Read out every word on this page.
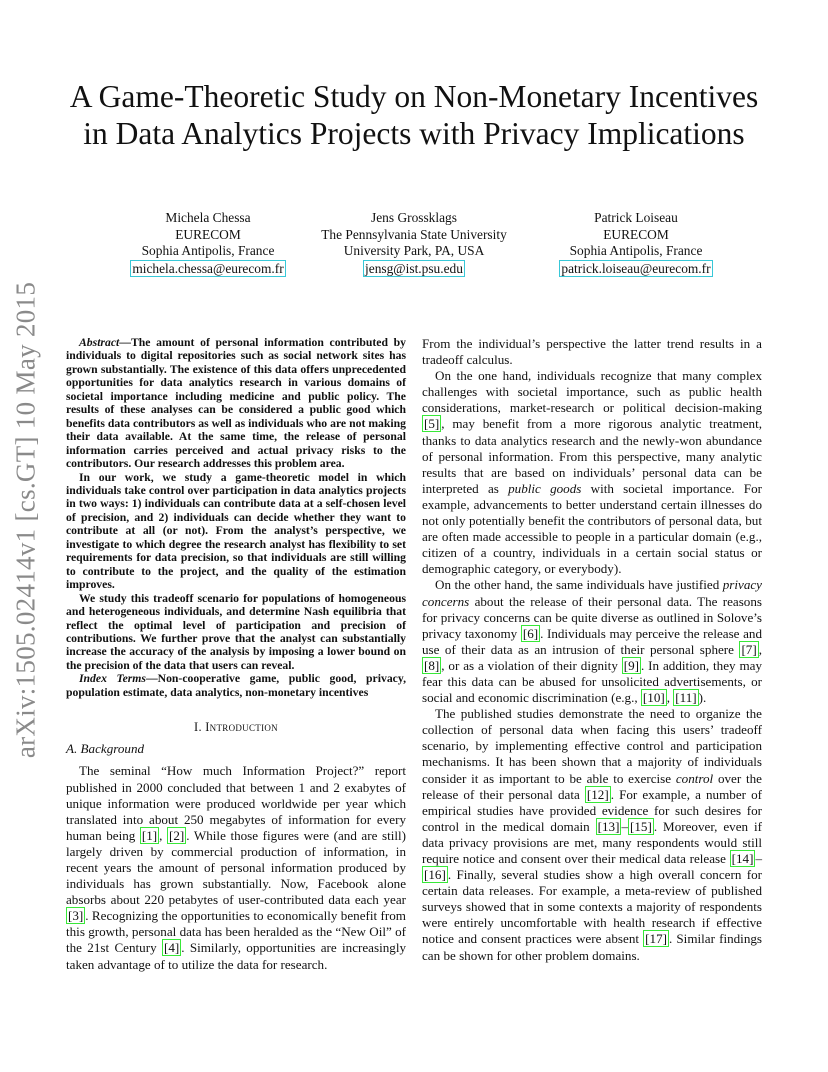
arXiv:1505.02414v1 [cs.GT] 10 May 2015
A Game-Theoretic Study on Non-Monetary Incentives in Data Analytics Projects with Privacy Implications
Michela Chessa
EURECOM
Sophia Antipolis, France
michela.chessa@eurecom.fr
Jens Grossklags
The Pennsylvania State University
University Park, PA, USA
jensg@ist.psu.edu
Patrick Loiseau
EURECOM
Sophia Antipolis, France
patrick.loiseau@eurecom.fr

Abstract—The amount of personal information contributed by individuals to digital repositories such as social network sites has grown substantially. The existence of this data offers unprecedented opportunities for data analytics research in various domains of societal importance including medicine and public policy. The results of these analyses can be considered a public good which benefits data contributors as well as individuals who are not making their data available. At the same time, the release of personal information carries perceived and actual privacy risks to the contributors. Our research addresses this problem area.

In our work, we study a game-theoretic model in which individuals take control over participation in data analytics projects in two ways: 1) individuals can contribute data at a self-chosen level of precision, and 2) individuals can decide whether they want to contribute at all (or not). From the analyst’s perspective, we investigate to which degree the research analyst has flexibility to set requirements for data precision, so that individuals are still willing to contribute to the project, and the quality of the estimation improves.

We study this tradeoff scenario for populations of homogeneous and heterogeneous individuals, and determine Nash equilibria that reflect the optimal level of participation and precision of contributions. We further prove that the analyst can substantially increase the accuracy of the analysis by imposing a lower bound on the precision of the data that users can reveal.

Index Terms—Non-cooperative game, public good, privacy, population estimate, data analytics, non-monetary incentives

I. Introduction
A. Background

The seminal “How much Information Project?” report published in 2000 concluded that between 1 and 2 exabytes of unique information were produced worldwide per year which translated into about 250 megabytes of information for every human being [1] , [2] . While those figures were (and are still) largely driven by commercial production of information, in recent years the amount of personal information produced by individuals has grown substantially. Now, Facebook alone absorbs about 220 petabytes of user-contributed data each year [3] . Recognizing the opportunities to economically benefit from this growth, personal data has been heralded as the “New Oil” of the 21st Century [4] . Similarly, opportunities are increasingly taken advantage of to utilize the data for research.

From the individual’s perspective the latter trend results in a tradeoff calculus.

On the one hand, individuals recognize that many complex challenges with societal importance, such as public health considerations, market-research or political decision-making [5] , may benefit from a more rigorous analytic treatment, thanks to data analytics research and the newly-won abundance of personal information. From this perspective, many analytic results that are based on individuals’ personal data can be interpreted as public goods with societal importance. For example, advancements to better understand certain illnesses do not only potentially benefit the contributors of personal data, but are often made accessible to people in a particular domain (e.g., citizen of a country, individuals in a certain social status or demographic category, or everybody).

On the other hand, the same individuals have justified privacy concerns about the release of their personal data. The reasons for privacy concerns can be quite diverse as outlined in Solove’s privacy taxonomy [6] . Individuals may perceive the release and use of their data as an intrusion of their personal sphere [7] , [8] , or as a violation of their dignity [9] . In addition, they may fear this data can be abused for unsolicited advertisements, or social and economic discrimination (e.g., [10] , [11] ).

The published studies demonstrate the need to organize the collection of personal data when facing this users’ tradeoff scenario, by implementing effective control and participation mechanisms. It has been shown that a majority of individuals consider it as important to be able to exercise control over the release of their personal data [12] . For example, a number of empirical studies have provided evidence for such desires for control in the medical domain [13] – [15] . Moreover, even if data privacy provisions are met, many respondents would still require notice and consent over their medical data release [14] –[16] . Finally, several studies show a high overall concern for certain data releases. For example, a meta-review of published surveys showed that in some contexts a majority of respondents were entirely uncomfortable with health research if effective notice and consent practices were absent [17] . Similar findings can be shown for other problem domains.
